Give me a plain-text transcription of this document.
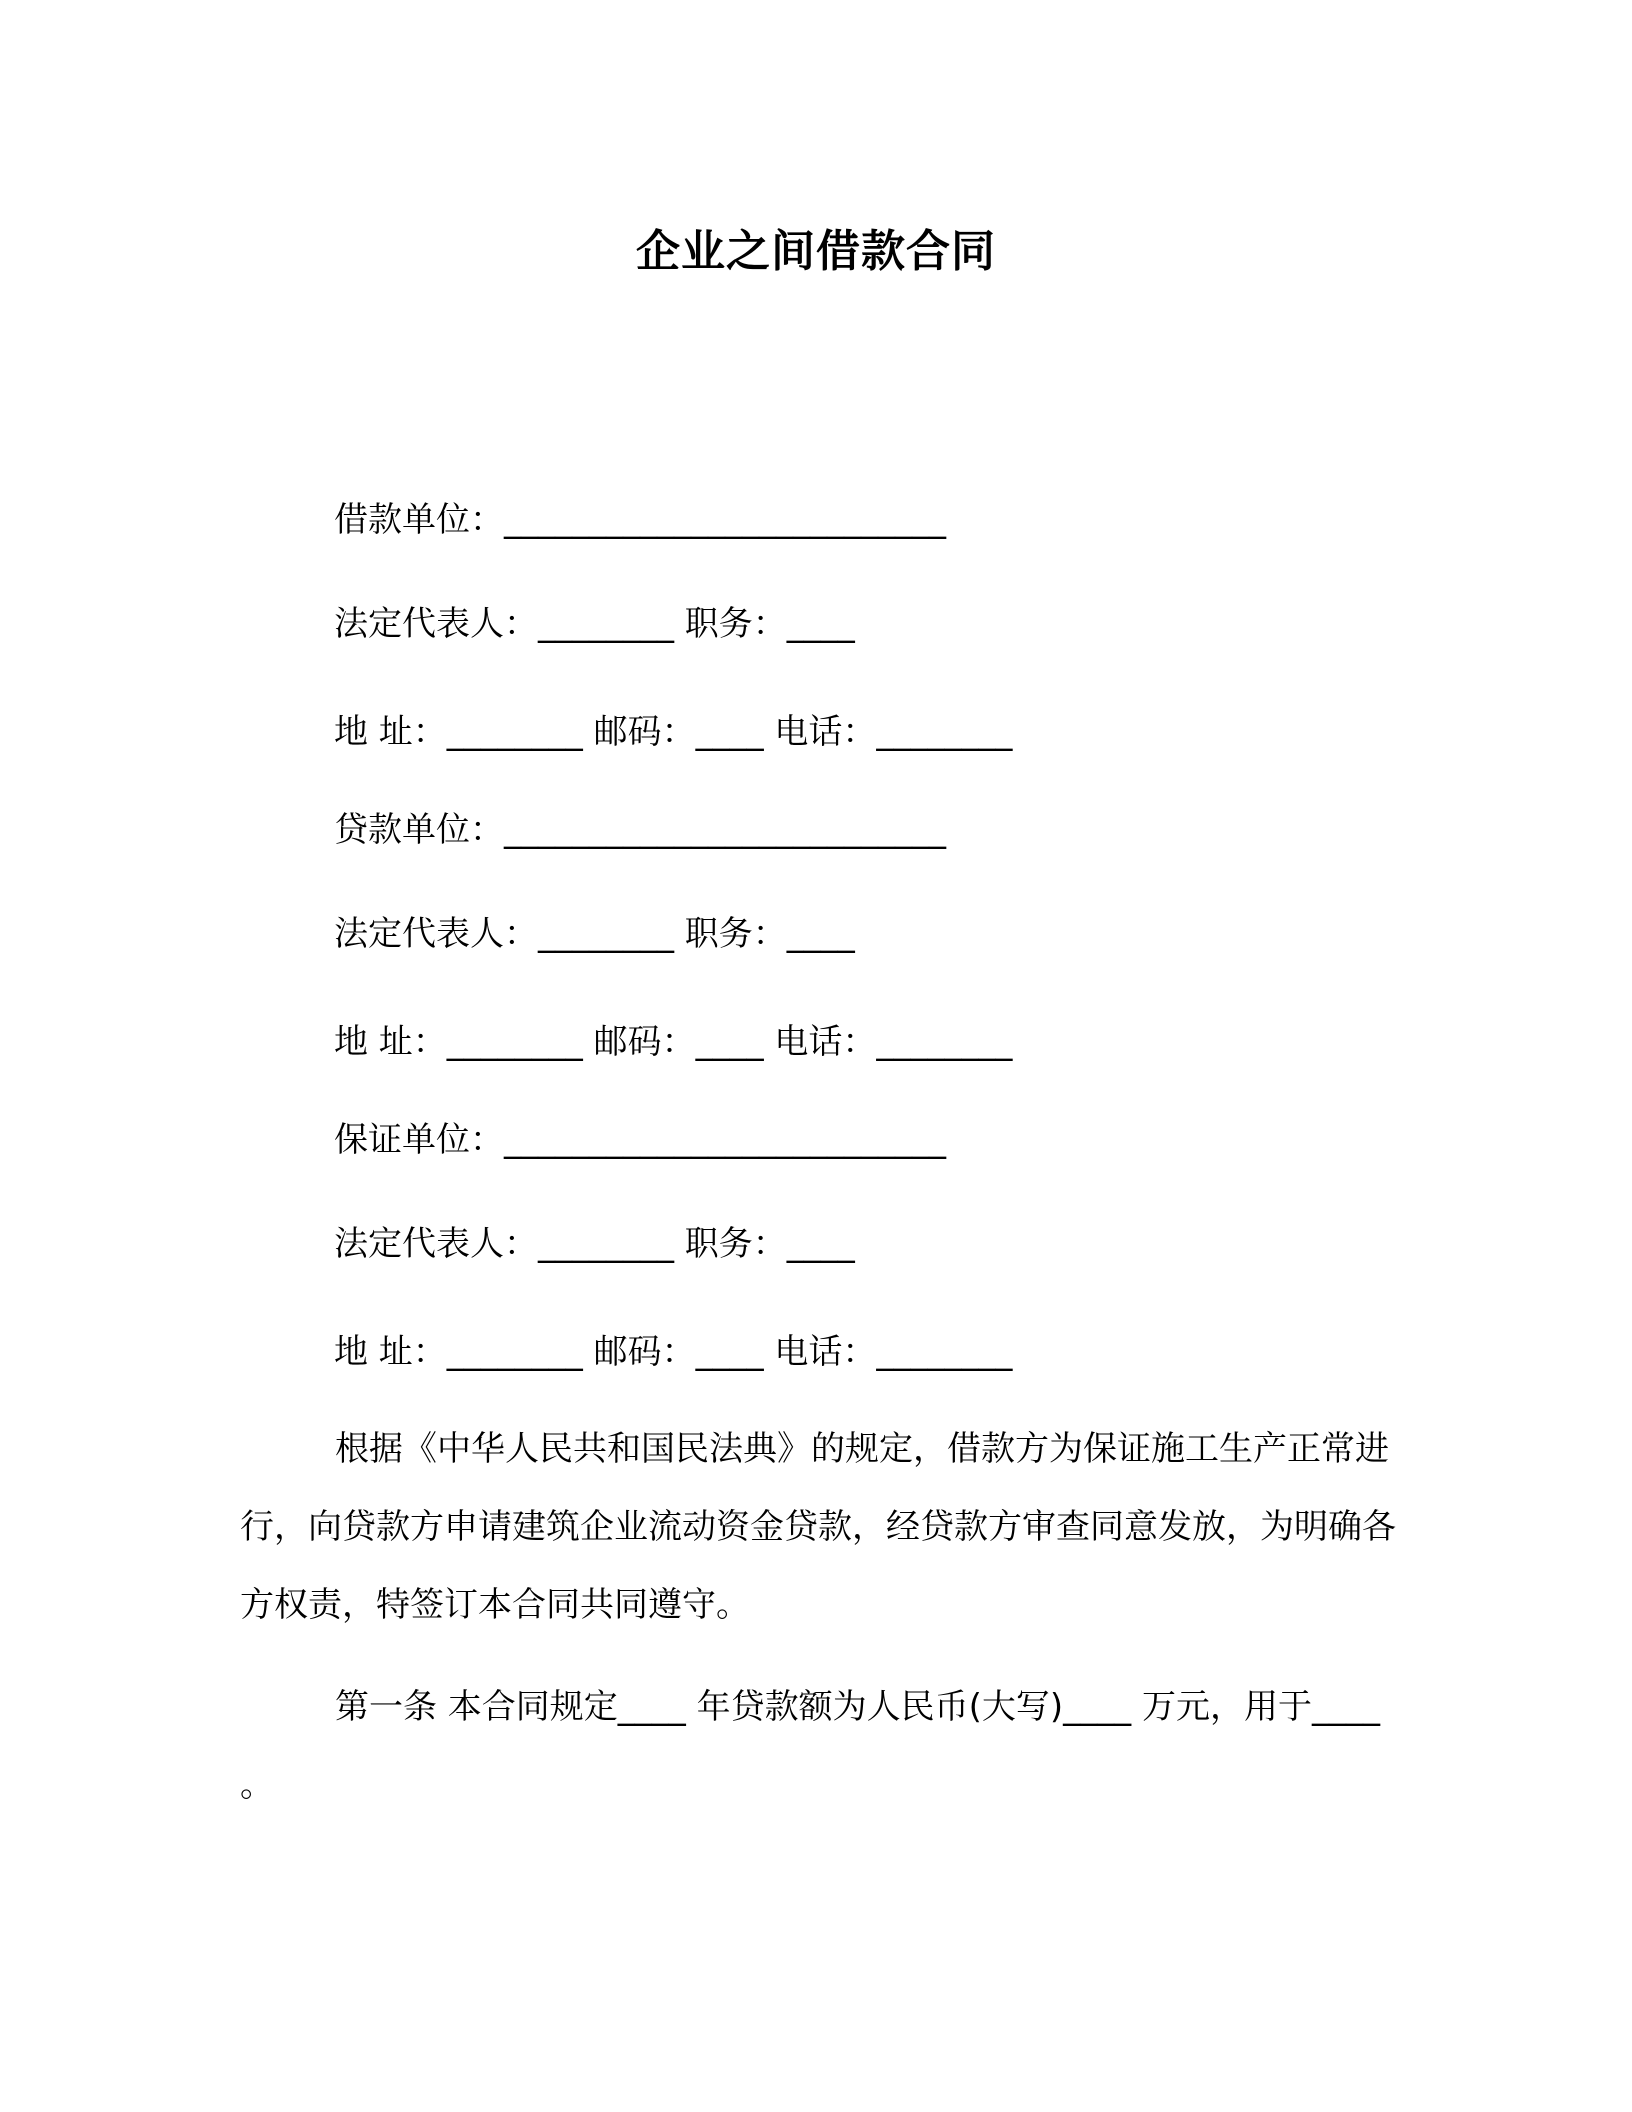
企业之间借款合同
借款单位：__________________________
法定代表人：________ 职务：____
地 址：________ 邮码：____ 电话：________
贷款单位：__________________________
法定代表人：________ 职务：____
地 址：________ 邮码：____ 电话：________
保证单位：__________________________
法定代表人：________ 职务：____
地 址：________ 邮码：____ 电话：________
根据《中华人民共和国民法典》的规定，借款方为保证施工生产正常进行，向贷款方申请建筑企业流动资金贷款，经贷款方审查同意发放，为明确各方权责，特签订本合同共同遵守。
第一条 本合同规定____ 年贷款额为人民币(大写)____ 万元，用于____ 。
